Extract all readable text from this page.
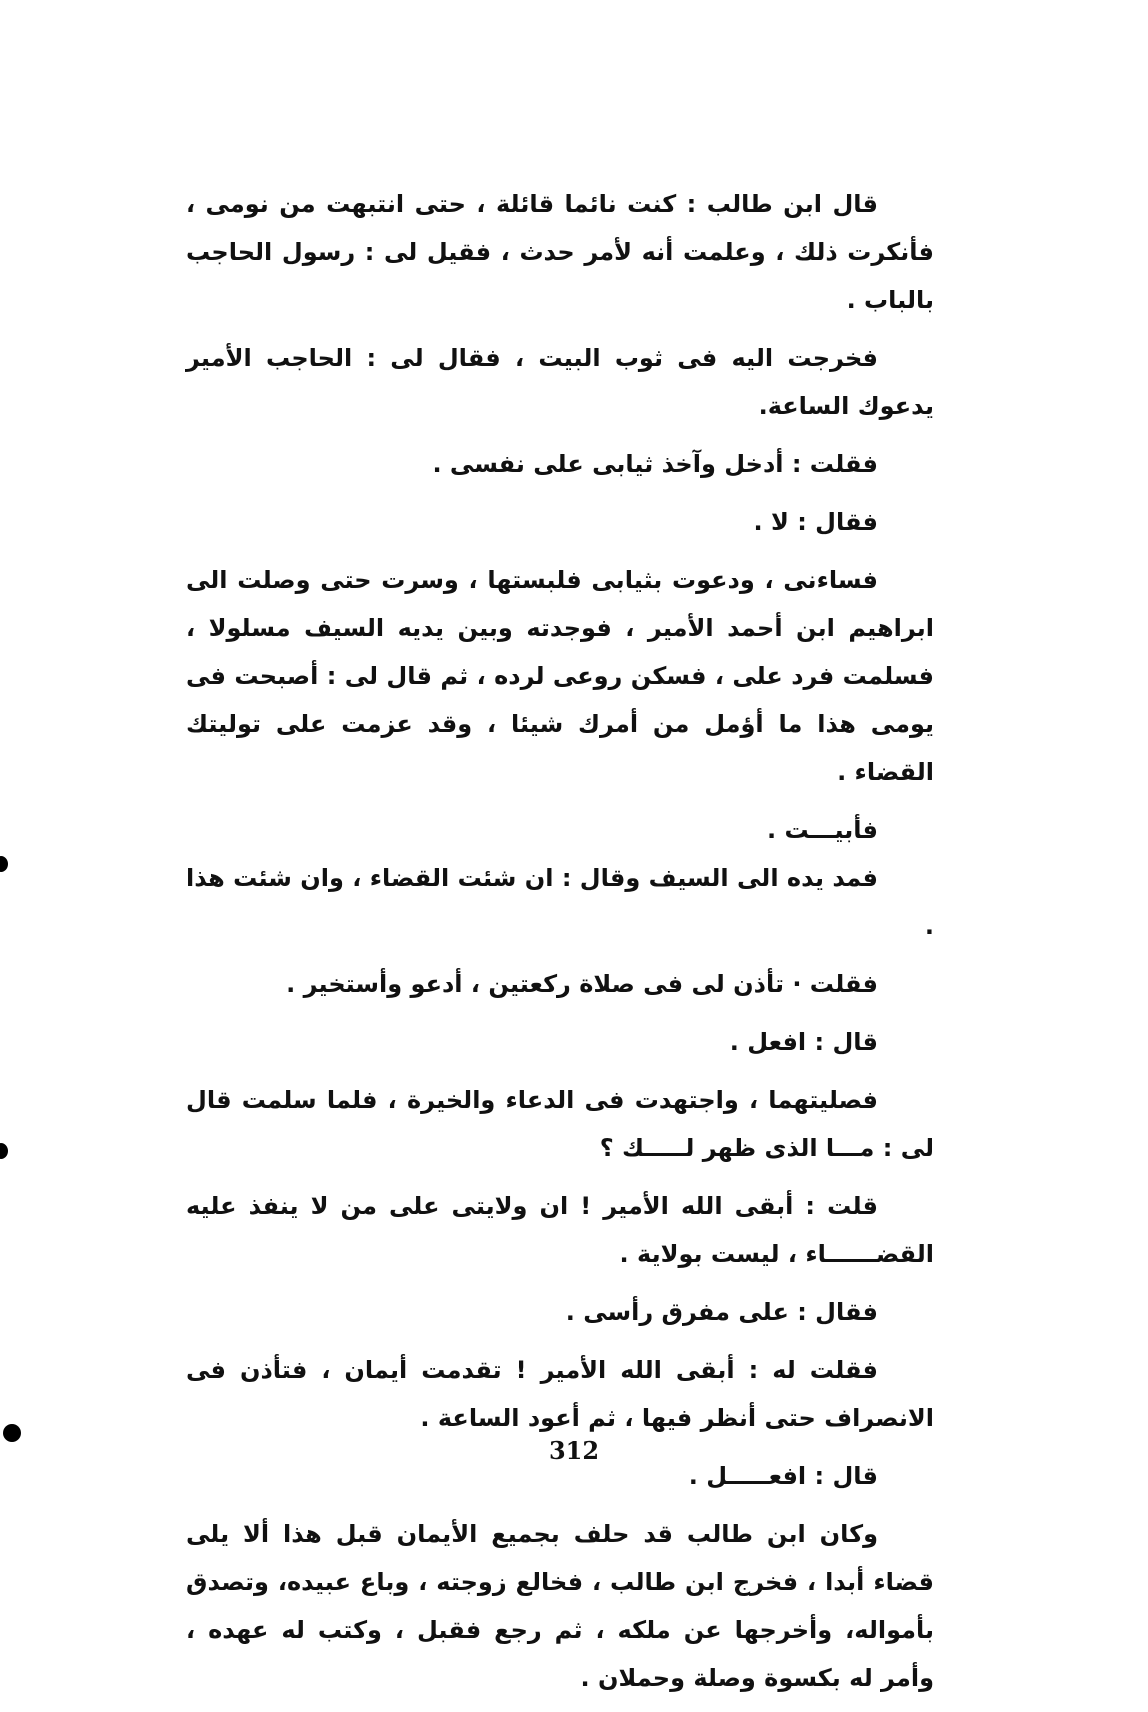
قال ابن طالب : كنت نائما قائلة ، حتى انتبهت من نومى ، فأنكرت ذلك ، وعلمت أنه لأمر حدث ، فقيل لى : رسول الحاجب بالباب .

فخرجت اليه فى ثوب البيت ، فقال لى : الحاجب الأمير يدعوك الساعة.

فقلت : أدخل وآخذ ثيابى على نفسى .

فقال : لا .

فساءنى ، ودعوت بثيابى فلبستها ، وسرت حتى وصلت الى ابراهيم ابن أحمد الأمير ، فوجدته وبين يديه السيف مسلولا ، فسلمت فرد على ، فسكن روعى لرده ، ثم قال لى : أصبحت فى يومى هذا ما أؤمل من أمرك شيئا ، وقد عزمت على توليتك القضاء .

فأبيـــت .

فمد يده الى السيف وقال : ان شئت القضاء ، وان شئت هذا .

فقلت · تأذن لى فى صلاة ركعتين ، أدعو وأستخير .

قال : افعل .

فصليتهما ، واجتهدت فى الدعاء والخيرة ، فلما سلمت قال لى : مـــا الذى ظهر لـــــك ؟

قلت : أبقى الله الأمير ! ان ولايتى على من لا ينفذ عليه القضــــــاء ، ليست بولاية .

فقال : على مفرق رأسى .

فقلت له : أبقى الله الأمير ! تقدمت أيمان ، فتأذن فى الانصراف حتى أنظر فيها ، ثم أعود الساعة .

قال : افعـــــل .

وكان ابن طالب قد حلف بجميع الأيمان قبل هذا ألا يلى قضاء أبدا ، فخرج ابن طالب ، فخالع زوجته ، وباع عبيده، وتصدق بأمواله، وأخرجها عن ملكه ، ثم رجع فقبل ، وكتب له عهده ، وأمر له بكسوة وصلة وحملان .

312
